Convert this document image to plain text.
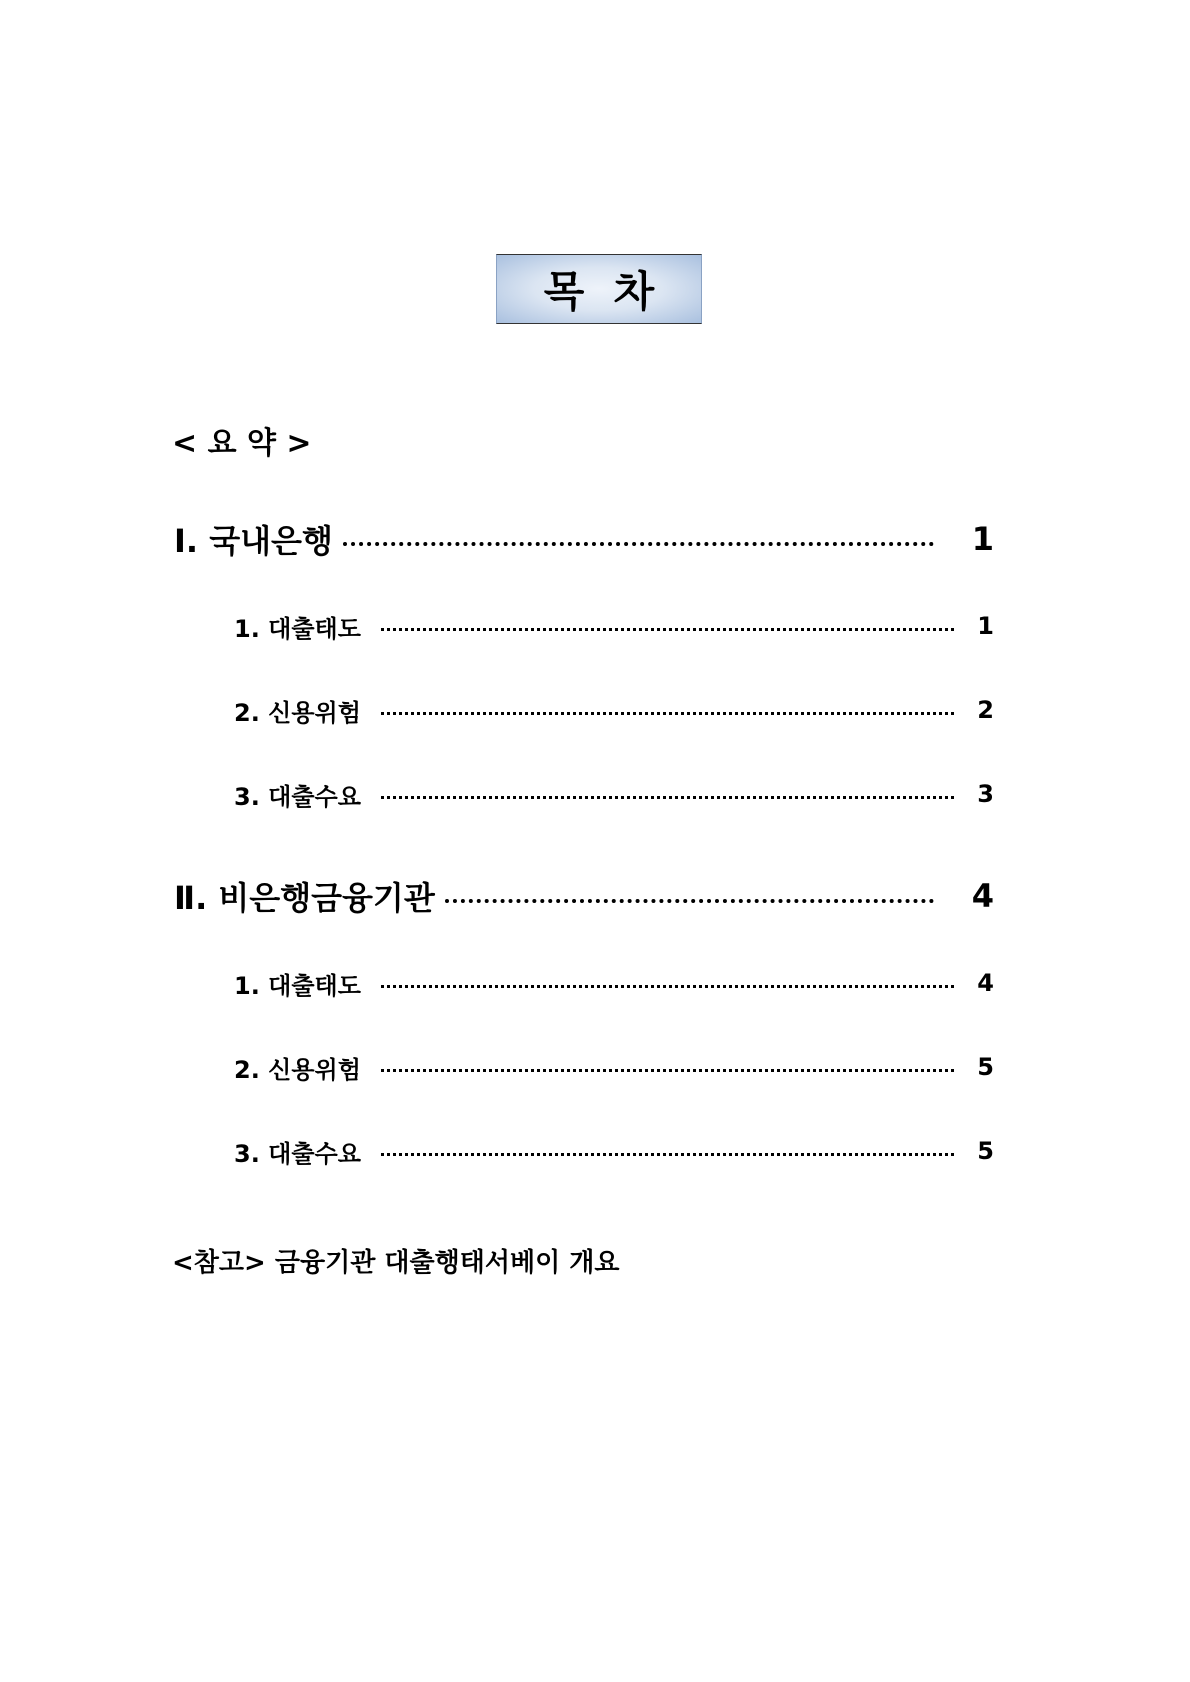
목  차
< 요 약 >
Ⅰ. 국내은행	1
1. 대출태도	1
2. 신용위험	2
3. 대출수요	3
Ⅱ. 비은행금융기관	4
1. 대출태도	4
2. 신용위험	5
3. 대출수요	5
<참고> 금융기관 대출행태서베이 개요
